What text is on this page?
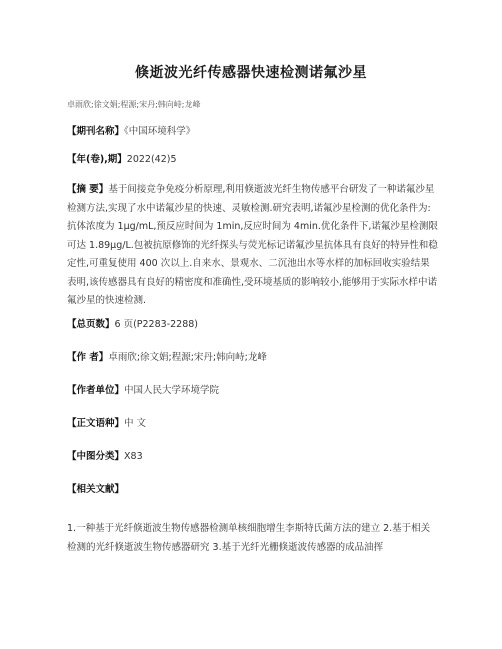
倏逝波光纤传感器快速检测诺氟沙星
卓雨欣;徐文娟;程源;宋丹;韩向峙;龙峰
【期刊名称】《中国环境科学》
【年(卷),期】2022(42)5
【摘 要】基于间接竞争免疫分析原理,利用倏逝波光纤生物传感平台研发了一种诺氟沙星检测方法,实现了水中诺氟沙星的快速、灵敏检测.研究表明,诺氟沙星检测的优化条件为:抗体浓度为 1μg/mL,预反应时间为 1min,反应时间为 4min.优化条件下,诺氟沙星检测限可达 1.89μg/L.包被抗原修饰的光纤探头与荧光标记诺氟沙星抗体具有良好的特异性和稳定性,可重复使用 400 次以上.自来水、景观水、二沉池出水等水样的加标回收实验结果表明,该传感器具有良好的精密度和准确性,受环境基质的影响较小,能够用于实际水样中诺氟沙星的快速检测.
【总页数】6 页(P2283-2288)
【作 者】卓雨欣;徐文娟;程源;宋丹;韩向峙;龙峰
【作者单位】中国人民大学环境学院
【正文语种】中 文
【中图分类】X83
【相关文献】
1.一种基于光纤倏逝波生物传感器检测单核细胞增生李斯特氏菌方法的建立 2.基于相关检测的光纤倏逝波生物传感器研究 3.基于光纤光栅倏逝波传感器的成品油挥
